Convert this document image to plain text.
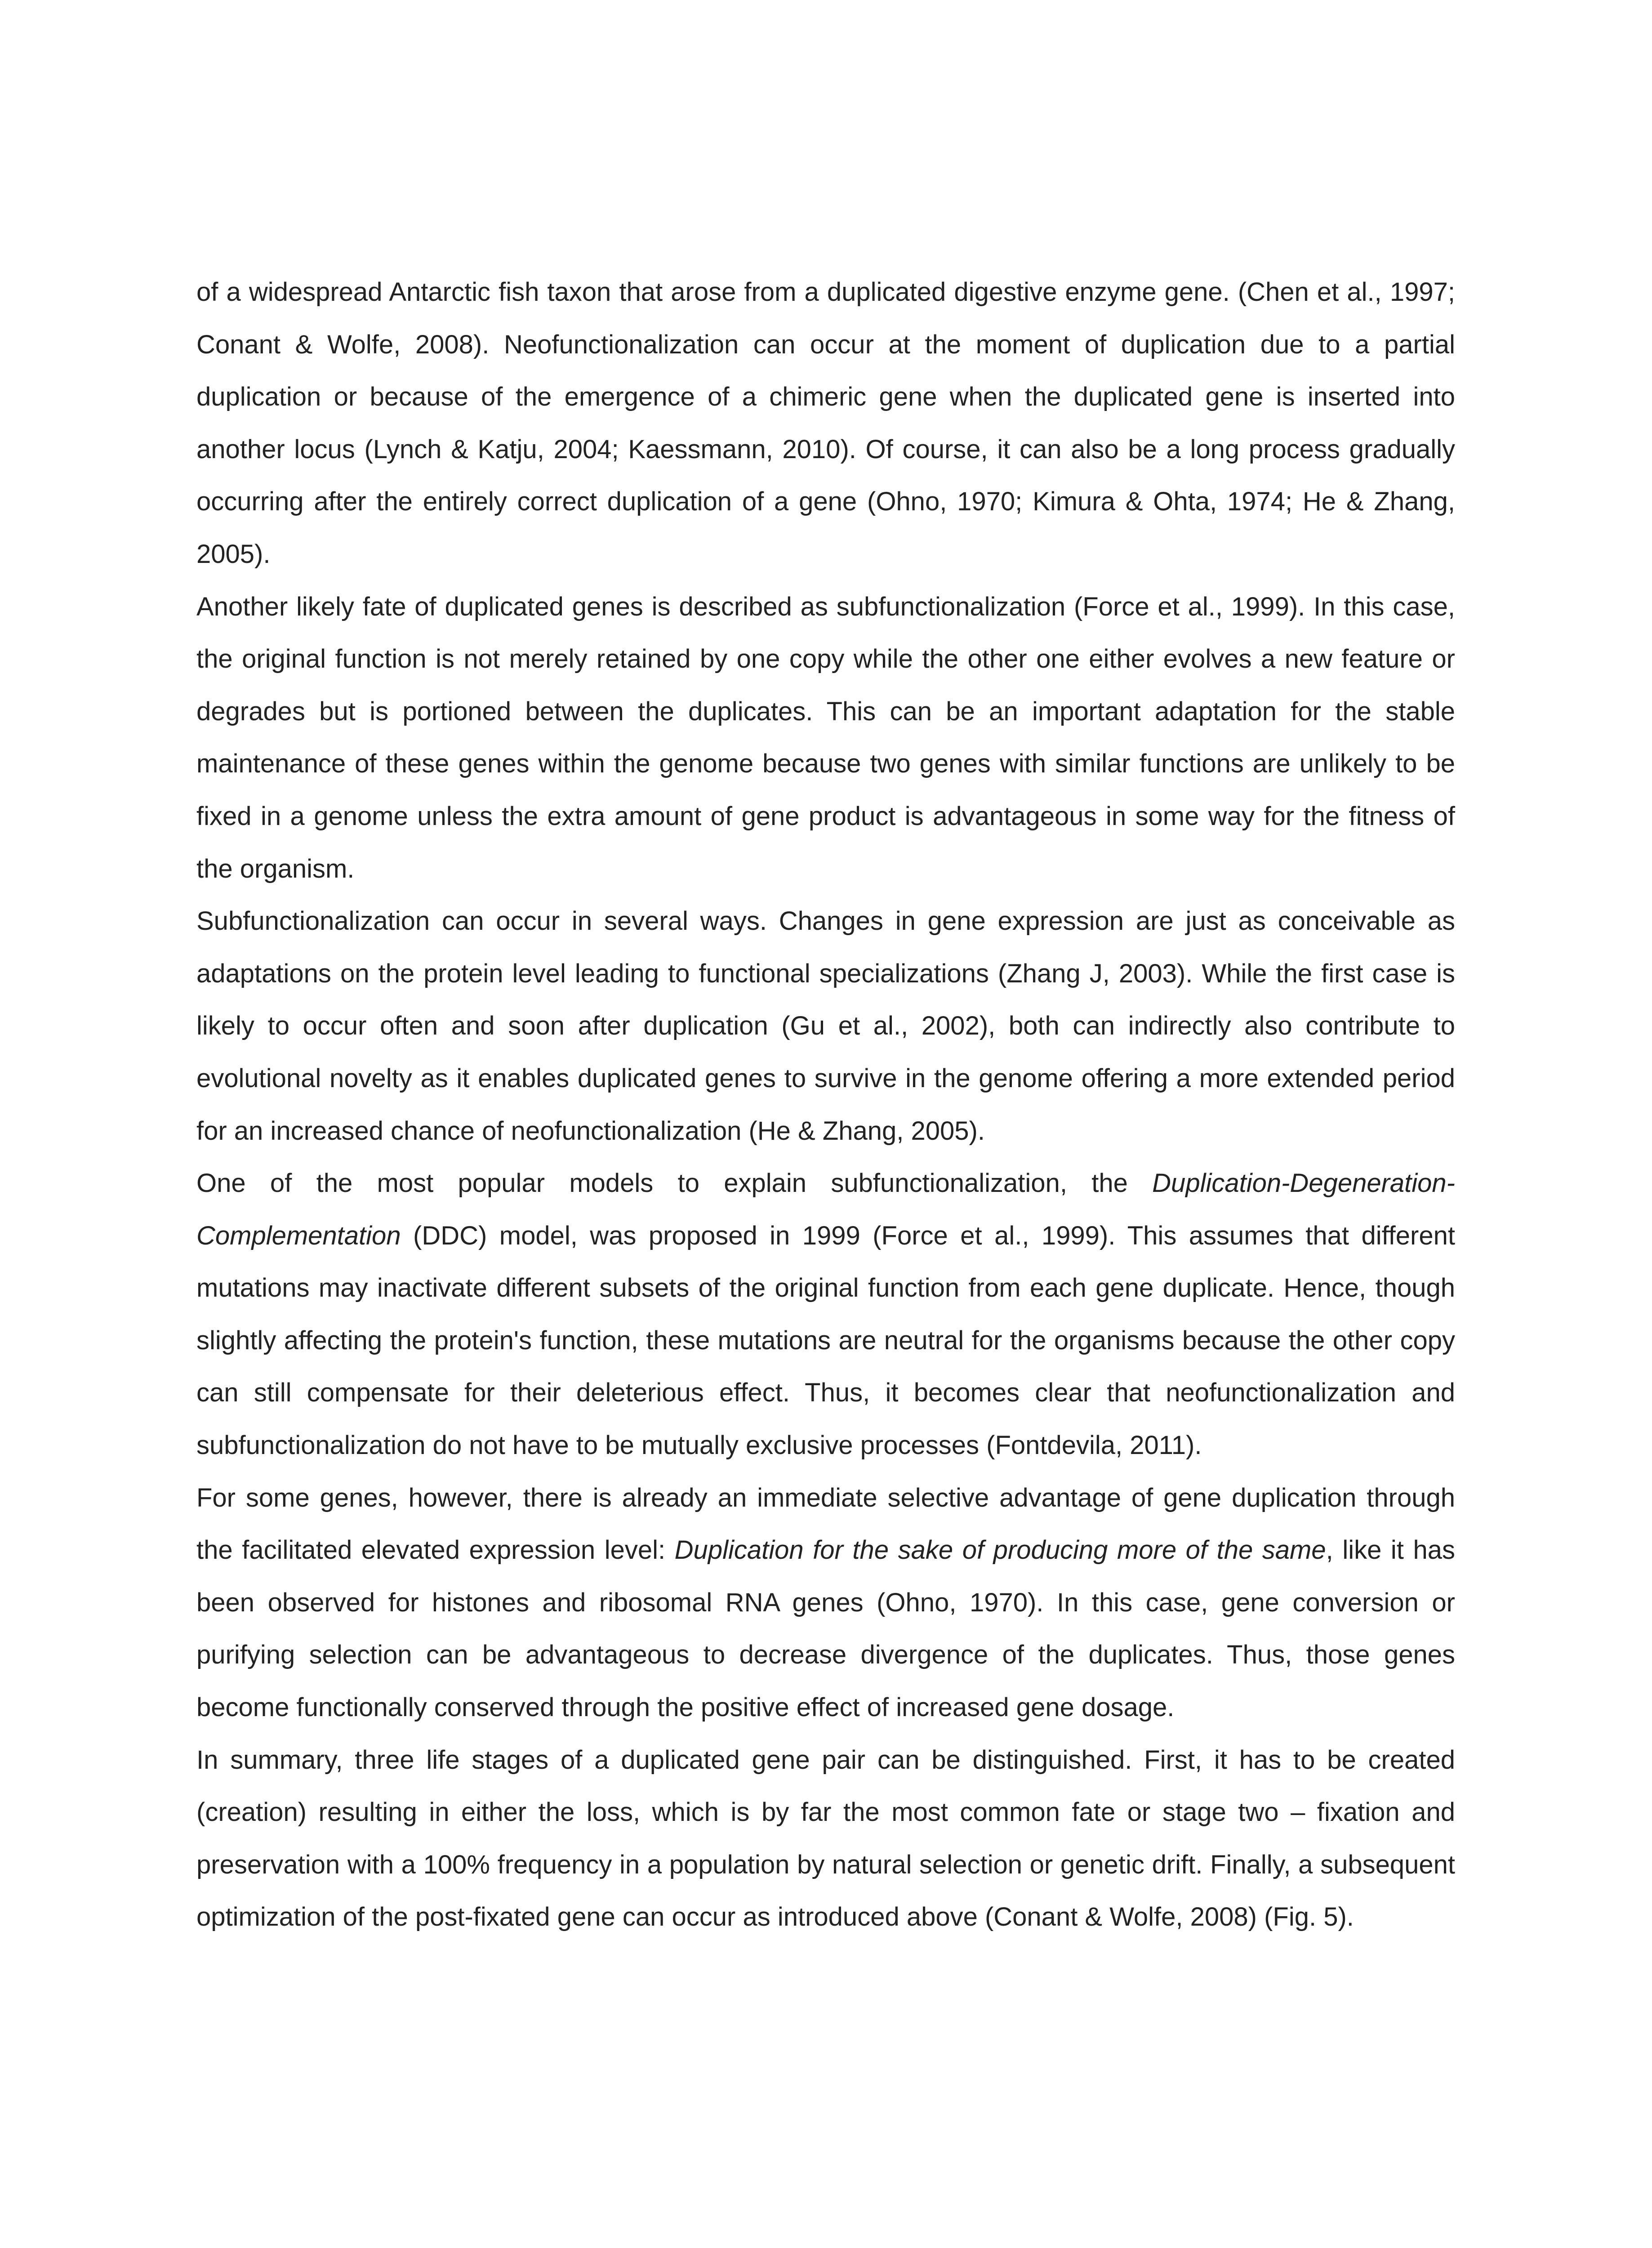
of a widespread Antarctic fish taxon that arose from a duplicated digestive enzyme gene. (Chen et al., 1997; Conant & Wolfe, 2008). Neofunctionalization can occur at the moment of duplication due to a partial duplication or because of the emergence of a chimeric gene when the duplicated gene is inserted into another locus (Lynch & Katju, 2004; Kaessmann, 2010). Of course, it can also be a long process gradually occurring after the entirely correct duplication of a gene (Ohno, 1970; Kimura & Ohta, 1974; He & Zhang, 2005).

Another likely fate of duplicated genes is described as subfunctionalization (Force et al., 1999). In this case, the original function is not merely retained by one copy while the other one either evolves a new feature or degrades but is portioned between the duplicates. This can be an important adaptation for the stable maintenance of these genes within the genome because two genes with similar functions are unlikely to be fixed in a genome unless the extra amount of gene product is advantageous in some way for the fitness of the organism.

Subfunctionalization can occur in several ways. Changes in gene expression are just as conceivable as adaptations on the protein level leading to functional specializations (Zhang J, 2003). While the first case is likely to occur often and soon after duplication (Gu et al., 2002), both can indirectly also contribute to evolutional novelty as it enables duplicated genes to survive in the genome offering a more extended period for an increased chance of neofunctionalization (He & Zhang, 2005).

One of the most popular models to explain subfunctionalization, the Duplication-Degeneration-Complementation (DDC) model, was proposed in 1999 (Force et al., 1999). This assumes that different mutations may inactivate different subsets of the original function from each gene duplicate. Hence, though slightly affecting the protein's function, these mutations are neutral for the organisms because the other copy can still compensate for their deleterious effect. Thus, it becomes clear that neofunctionalization and subfunctionalization do not have to be mutually exclusive processes (Fontdevila, 2011).

For some genes, however, there is already an immediate selective advantage of gene duplication through the facilitated elevated expression level: Duplication for the sake of producing more of the same, like it has been observed for histones and ribosomal RNA genes (Ohno, 1970). In this case, gene conversion or purifying selection can be advantageous to decrease divergence of the duplicates. Thus, those genes become functionally conserved through the positive effect of increased gene dosage.

In summary, three life stages of a duplicated gene pair can be distinguished. First, it has to be created (creation) resulting in either the loss, which is by far the most common fate or stage two – fixation and preservation with a 100% frequency in a population by natural selection or genetic drift. Finally, a subsequent optimization of the post-fixated gene can occur as introduced above (Conant & Wolfe, 2008) (Fig. 5).
